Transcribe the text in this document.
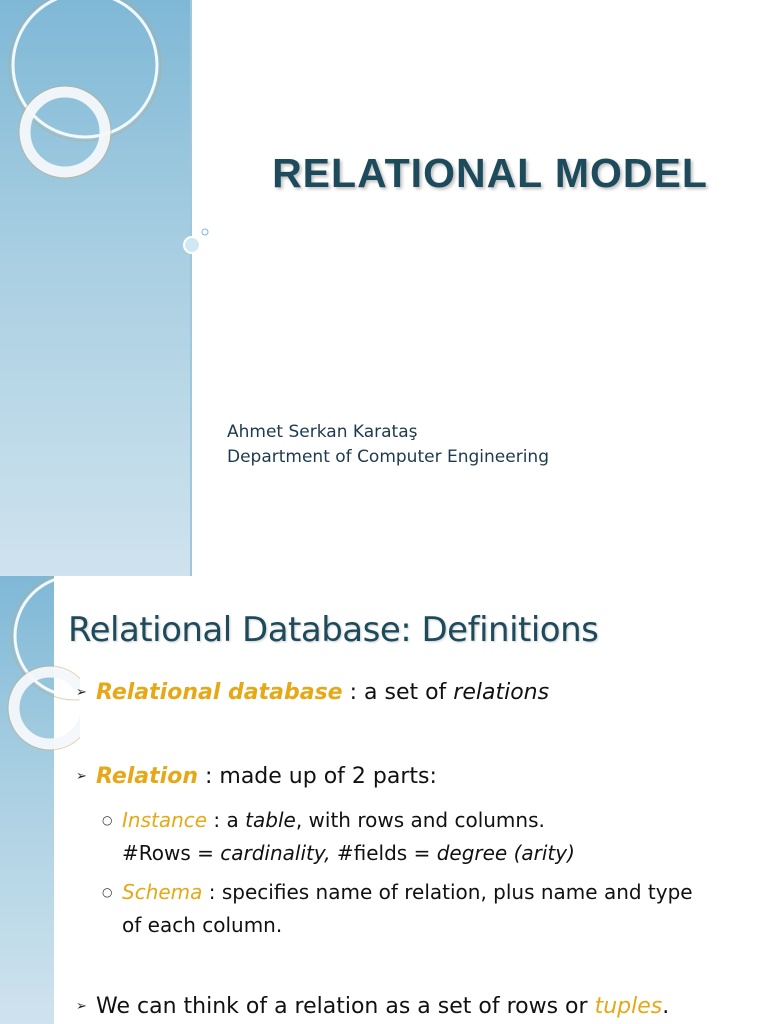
RELATIONAL MODEL
Ahmet Serkan Karataş
Department of Computer Engineering
Relational Database: Definitions
➢ Relational database : a set of relations
➢ Relation : made up of 2 parts:
○ Instance : a table, with rows and columns.
#Rows = cardinality, #fields = degree (arity)
○ Schema : specifies name of relation, plus name and type
of each column.
➢ We can think of a relation as a set of rows or tuples.
